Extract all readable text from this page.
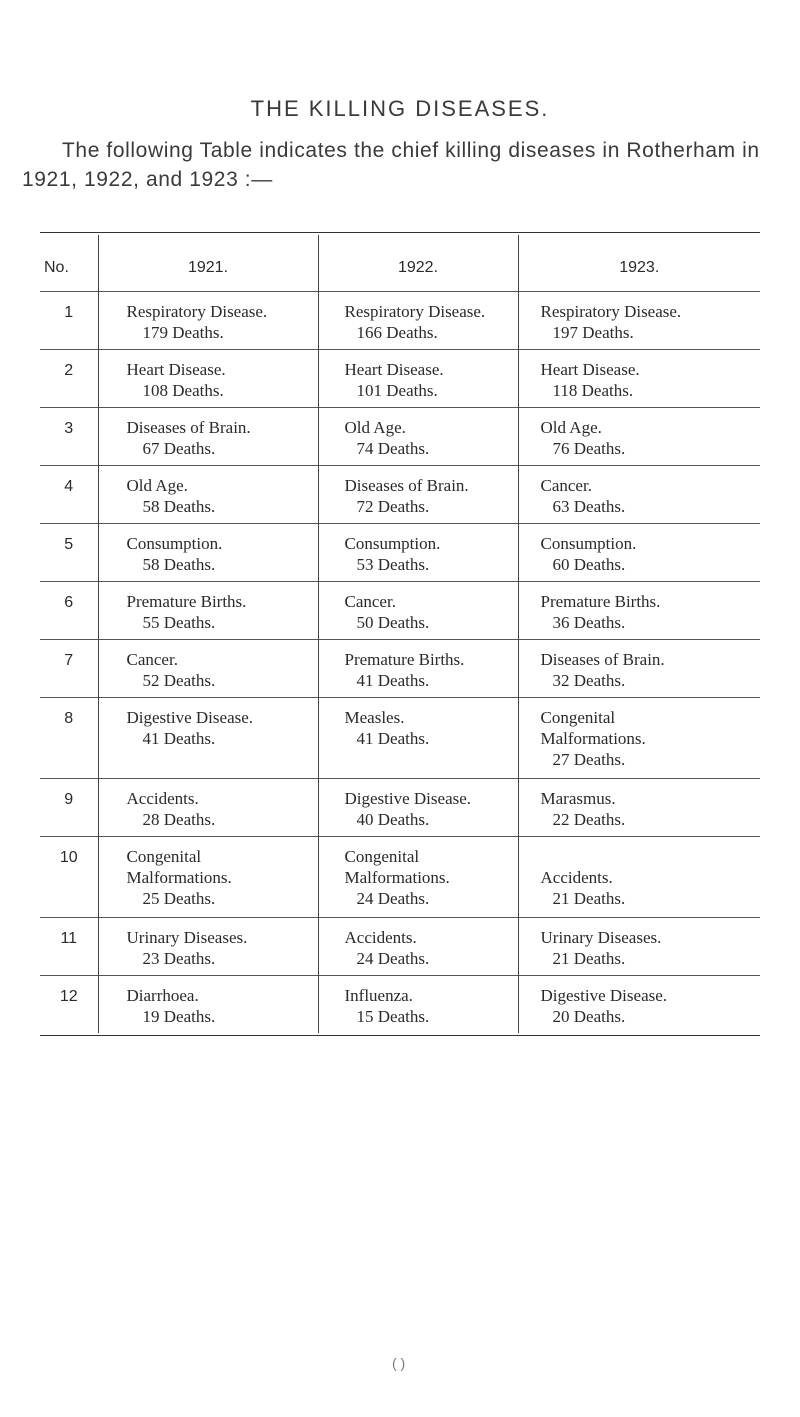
THE KILLING DISEASES.
The following Table indicates the chief killing diseases in Rotherham in 1921, 1922, and 1923 :—
No.	1921.	1922.	1923.
1	Respiratory Disease.
179 Deaths.	Respiratory Disease.
166 Deaths.	Respiratory Disease.
197 Deaths.

2	Heart Disease.
108 Deaths.	Heart Disease.
101 Deaths.	Heart Disease.
118 Deaths.

3	Diseases of Brain.
67 Deaths.	Old Age.
74 Deaths.	Old Age.
76 Deaths.

4	Old Age.
58 Deaths.	Diseases of Brain.
72 Deaths.	Cancer.
63 Deaths.

5	Consumption.
58 Deaths.	Consumption.
53 Deaths.	Consumption.
60 Deaths.

6	Premature Births.
55 Deaths.	Cancer.
50 Deaths.	Premature Births.
36 Deaths.

7	Cancer.
52 Deaths.	Premature Births.
41 Deaths.	Diseases of Brain.
32 Deaths.

8	Digestive Disease.
41 Deaths.	Measles.
41 Deaths.	Congenital
Malformations.
27 Deaths.

9	Accidents.
28 Deaths.	Digestive Disease.
40 Deaths.	Marasmus.
22 Deaths.

10	Congenital
Malformations.
25 Deaths.	Congenital
Malformations.
24 Deaths.	
Accidents.
21 Deaths.

11	Urinary Diseases.
23 Deaths.	Accidents.
24 Deaths.	Urinary Diseases.
21 Deaths.

12	Diarrhoea.
19 Deaths.	Influenza.
15 Deaths.	Digestive Disease.
20 Deaths.
( )
